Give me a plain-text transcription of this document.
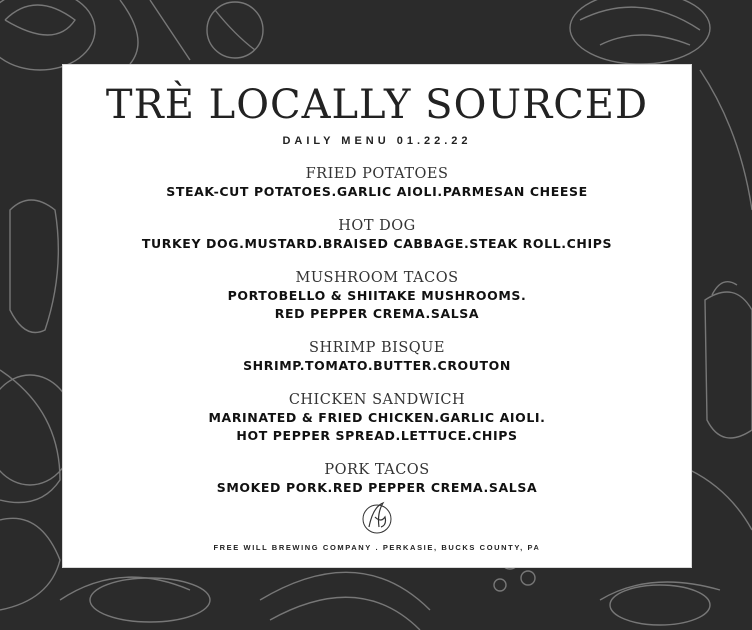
TRÈ LOCALLY SOURCED
DAILY MENU 01.22.22
FRIED POTATOES
STEAK-CUT POTATOES.GARLIC AIOLI.PARMESAN CHEESE
HOT DOG
TURKEY DOG.MUSTARD.BRAISED CABBAGE.STEAK ROLL.CHIPS
MUSHROOM TACOS
PORTOBELLO & SHIITAKE MUSHROOMS.
RED PEPPER CREMA.SALSA
SHRIMP BISQUE
SHRIMP.TOMATO.BUTTER.CROUTON
CHICKEN SANDWICH
MARINATED & FRIED CHICKEN.GARLIC AIOLI.
HOT PEPPER SPREAD.LETTUCE.CHIPS
PORK TACOS
SMOKED PORK.RED PEPPER CREMA.SALSA
FREE WILL BREWING COMPANY . PERKASIE, BUCKS COUNTY, PA
menupix
